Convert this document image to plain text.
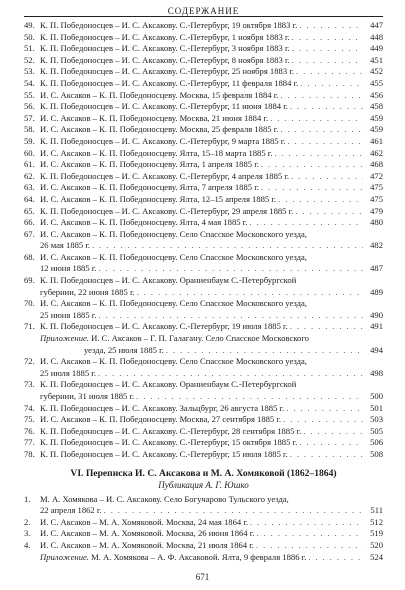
СОДЕРЖАНИЕ
49. К. П. Победоносцев – И. С. Аксакову. С.-Петербург, 19 октября 1883 г. . . .	447
50. К. П. Победоносцев – И. С. Аксакову. С.-Петербург, 1 ноября 1883 г. . . .	448
51. К. П. Победоносцев – И. С. Аксакову. С.-Петербург, 3 ноября 1883 г. . . .	449
52. К. П. Победоносцев – И. С. Аксакову. С.-Петербург, 8 ноября 1883 г. . . .	451
53. К. П. Победоносцев – И. С. Аксакову. С.-Петербург, 25 ноября 1883 г. . . .	452
54. К. П. Победоносцев – И. С. Аксакову. С.-Петербург, 11 февраля 1884 г. . . .	455
55. И. С. Аксаков – К. П. Победоносцеву. Москва, 15 февраля 1884 г. . . .	456
56. К. П. Победоносцев – И. С. Аксакову. С.-Петербург, 11 июня 1884 г. . . .	458
57. И. С. Аксаков – К. П. Победоносцеву. Москва, 21 июня 1884 г. . . .	459
58. И. С. Аксаков – К. П. Победоносцеву. Москва, 25 февраля 1885 г. . . .	459
59. К. П. Победоносцев – И. С. Аксакову. С.-Петербург, 9 марта 1885 г. . . .	461
60. И. С. Аксаков – К. П. Победоносцеву. Ялта, 15–18 марта 1885 г. . . .	462
61. И. С. Аксаков – К. П. Победоносцеву. Ялта, 1 апреля 1885 г. . . .	468
62. К. П. Победоносцев – И. С. Аксакову. С.-Петербург, 4 апреля 1885 г. . . .	472
63. И. С. Аксаков – К. П. Победоносцеву. Ялта, 7 апреля 1885 г. . . .	475
64. И. С. Аксаков – К. П. Победоносцеву. Ялта, 12–15 апреля 1885 г. . . .	475
65. К. П. Победоносцев – И. С. Аксакову. С.-Петербург, 29 апреля 1885 г. . . .	479
66. И. С. Аксаков – К. П. Победоносцеву. Ялта, 4 мая 1885 г. . . .	480
67. И. С. Аксаков – К. П. Победоносцеву. Село Спасское Московского уезда,
26 мая 1885 г. . . .	482
68. И. С. Аксаков – К. П. Победоносцеву. Село Спасское Московского уезда,
12 июня 1885 г. . . .	487
69. К. П. Победоносцев – И. С. Аксакову. Ораниенбаум С.-Петербургской
губернии, 22 июня 1885 г. . . .	489
70. И. С. Аксаков – К. П. Победоносцеву. Село Спасское Московского уезда,
25 июня 1885 г. . . .	490
71. К. П. Победоносцев – И. С. Аксакову. С.-Петербург, 19 июля 1885 г. . . .	491
Приложение. И. С. Аксаков – Г. П. Галагану. Село Спасское Московского
уезда, 25 июля 1885 г. . . .	494
72. И. С. Аксаков – К. П. Победоносцеву. Село Спасское Московского уезда,
25 июля 1885 г. . . .	498
73. К. П. Победоносцев – И. С. Аксакову. Ораниенбаум С.-Петербургской
губернии, 31 июля 1885 г. . . .	500
74. К. П. Победоносцев – И. С. Аксакову. Зальцбург, 26 августа 1885 г. . . .	501
75. И. С. Аксаков – К. П. Победоносцеву. Москва, 27 сентября 1885 г. . . .	503
76. К. П. Победоносцев – И. С. Аксакову. С.-Петербург, 28 сентября 1885 г. . . .	505
77. К. П. Победоносцев – И. С. Аксакову. С.-Петербург, 15 октября 1885 г. . . .	506
78. К. П. Победоносцев – И. С. Аксакову. С.-Петербург, 15 июля 1885 г. . . .	508
VI. Переписка И. С. Аксакова и М. А. Хомяковой (1862–1864)
Публикация А. Г. Юшко
1.	М. А. Хомякова – И. С. Аксакову. Село Богучарово Тульского уезда,
22 апреля 1862 г. . . .	511
2.	И. С. Аксаков – М. А. Хомяковой. Москва, 24 мая 1864 г. . . .	512
3.	И. С. Аксаков – М. А. Хомяковой. Москва, 26 июня 1864 г. . . .	519
4.	И. С. Аксаков – М. А. Хомяковой. Москва, 21 июля 1864 г. . . .	520
Приложение. М. А. Хомякова – А. Ф. Аксаковой. Ялта, 9 февраля 1886 г. . . .	524
671
